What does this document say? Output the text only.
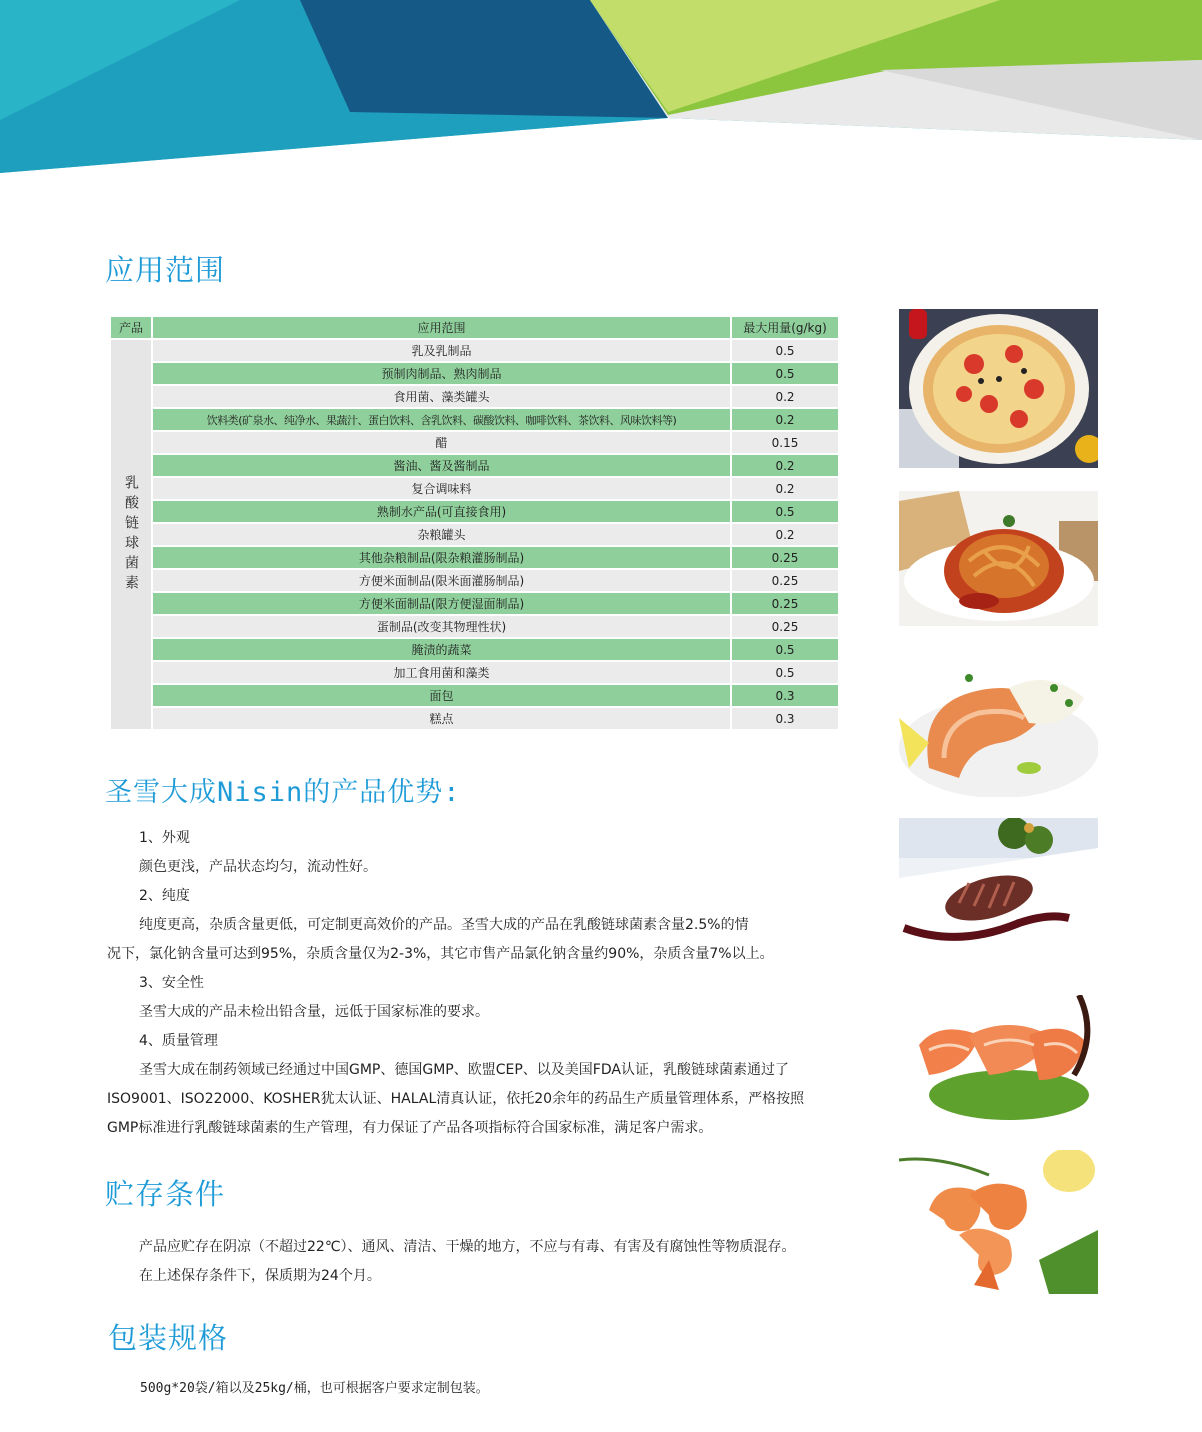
应用范围
产品	应用范围	最大用量(g/kg)
乳酸链球菌素	乳及乳制品	0.5
	预制肉制品、熟肉制品	0.5
	食用菌、藻类罐头	0.2
	饮料类(矿泉水、纯净水、果蔬汁、蛋白饮料、含乳饮料、碳酸饮料、咖啡饮料、茶饮料、风味饮料等)	0.2
	醋	0.15
	酱油、酱及酱制品	0.2
	复合调味料	0.2
	熟制水产品(可直接食用)	0.5
	杂粮罐头	0.2
	其他杂粮制品(限杂粮灌肠制品)	0.25
	方便米面制品(限米面灌肠制品)	0.25
	方便米面制品(限方便湿面制品)	0.25
	蛋制品(改变其物理性状)	0.25
	腌渍的蔬菜	0.5
	加工食用菌和藻类	0.5
	面包	0.3
	糕点	0.3
圣雪大成Nisin的产品优势:

1、外观

颜色更浅，产品状态均匀，流动性好。

2、纯度

纯度更高，杂质含量更低，可定制更高效价的产品。圣雪大成的产品在乳酸链球菌素含量2.5%的情

况下，氯化钠含量可达到95%，杂质含量仅为2-3%，其它市售产品氯化钠含量约90%，杂质含量7%以上。

3、安全性

圣雪大成的产品未检出铅含量，远低于国家标准的要求。

4、质量管理

圣雪大成在制药领域已经通过中国GMP、德国GMP、欧盟CEP、以及美国FDA认证，乳酸链球菌素通过了

ISO9001、ISO22000、KOSHER犹太认证、HALAL清真认证，依托20余年的药品生产质量管理体系，严格按照

GMP标准进行乳酸链球菌素的生产管理，有力保证了产品各项指标符合国家标准，满足客户需求。

贮存条件

产品应贮存在阴凉（不超过22℃）、通风、清洁、干燥的地方，不应与有毒、有害及有腐蚀性等物质混存。

在上述保存条件下，保质期为24个月。

包装规格

500g*20袋/箱以及25kg/桶，也可根据客户要求定制包装。
